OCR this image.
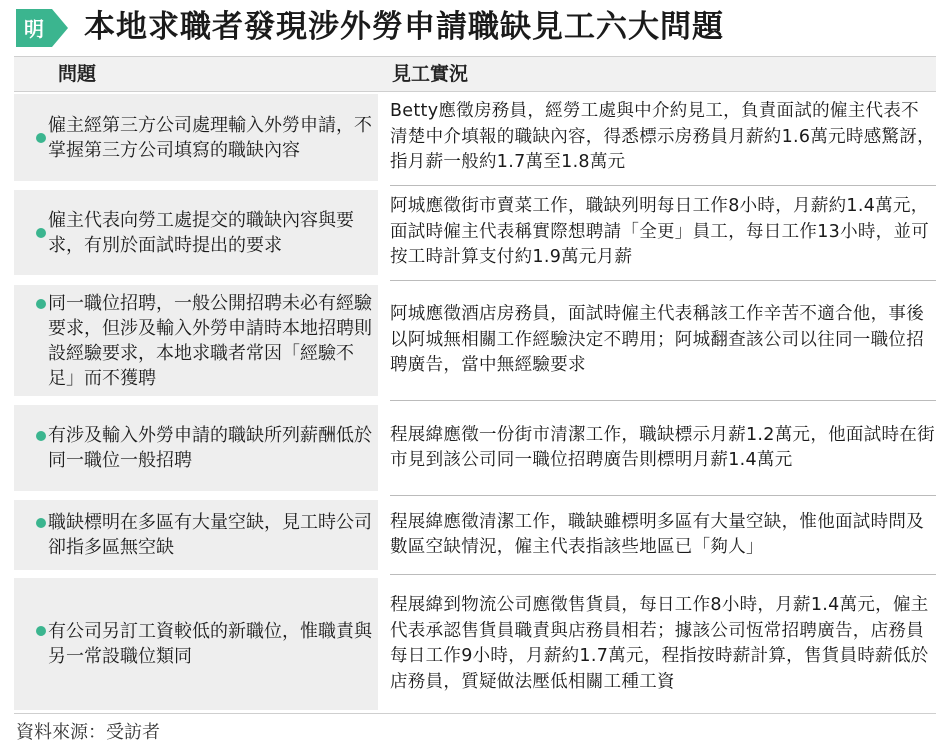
明 本地求職者發現涉外勞申請職缺見工六大問題
問題	見工實況
僱主經第三方公司處理輸入外勞申請，不掌握第三方公司填寫的職缺內容
Betty應徵房務員，經勞工處與中介約見工，負責面試的僱主代表不清楚中介填報的職缺內容，得悉標示房務員月薪約1.6萬元時感驚訝，指月薪一般約1.7萬至1.8萬元
僱主代表向勞工處提交的職缺內容與要求，有別於面試時提出的要求
阿城應徵街市賣菜工作，職缺列明每日工作8小時，月薪約1.4萬元，面試時僱主代表稱實際想聘請「全更」員工，每日工作13小時，並可按工時計算支付約1.9萬元月薪
同一職位招聘，一般公開招聘未必有經驗要求，但涉及輸入外勞申請時本地招聘則設經驗要求，本地求職者常因「經驗不足」而不獲聘
阿城應徵酒店房務員，面試時僱主代表稱該工作辛苦不適合他，事後以阿城無相關工作經驗決定不聘用；阿城翻查該公司以往同一職位招聘廣告，當中無經驗要求
有涉及輸入外勞申請的職缺所列薪酬低於同一職位一般招聘
程展緯應徵一份街市清潔工作，職缺標示月薪1.2萬元，他面試時在街市見到該公司同一職位招聘廣告則標明月薪1.4萬元
職缺標明在多區有大量空缺，見工時公司卻指多區無空缺
程展緯應徵清潔工作，職缺雖標明多區有大量空缺，惟他面試時問及數區空缺情況，僱主代表指該些地區已「夠人」
有公司另訂工資較低的新職位，惟職責與另一常設職位類同
程展緯到物流公司應徵售貨員，每日工作8小時，月薪1.4萬元，僱主代表承認售貨員職責與店務員相若；據該公司恆常招聘廣告，店務員每日工作9小時，月薪約1.7萬元，程指按時薪計算，售貨員時薪低於店務員，質疑做法壓低相關工種工資
資料來源：受訪者
